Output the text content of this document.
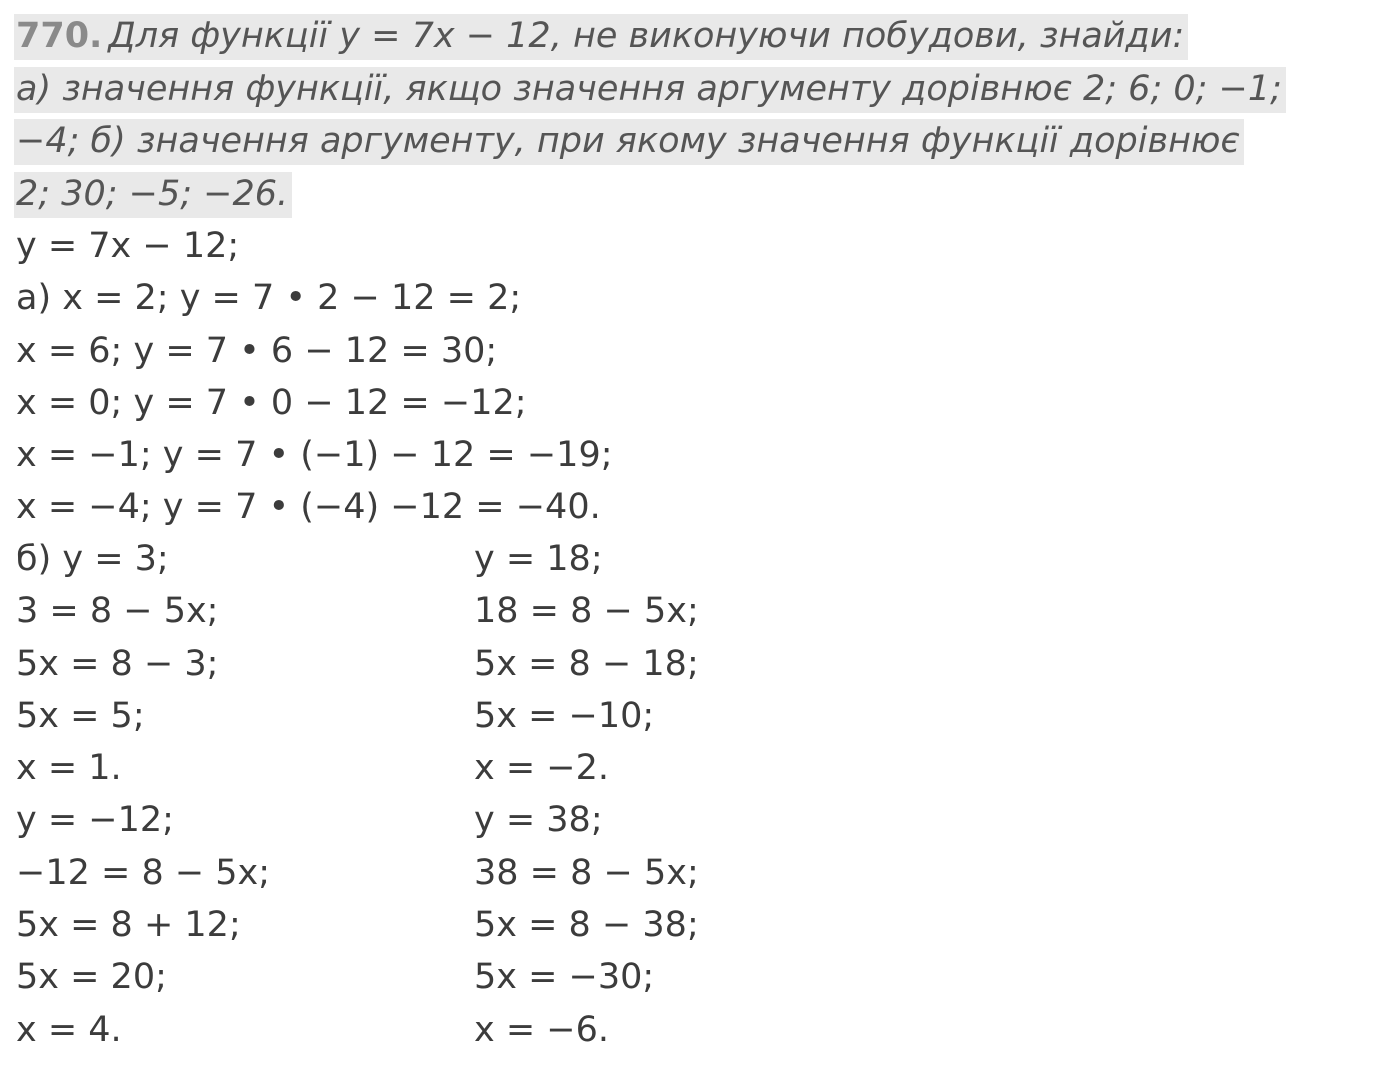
770. Для функції y = 7x − 12, не виконуючи побудови, знайди:
а) значення функції, якщо значення аргументу дорівнює 2; 6; 0; −1;
−4; б) значення аргументу, при якому значення функції дорівнює
2; 30; −5; −26.
y = 7x − 12;
а) x = 2; y = 7 • 2 − 12 = 2;
x = 6; y = 7 • 6 − 12 = 30;
x = 0; y = 7 • 0 − 12 = −12;
x = −1; y = 7 • (−1) − 12 = −19;
x = −4; y = 7 • (−4) −12 = −40.
б) y = 3;	y = 18;
3 = 8 − 5x;	18 = 8 − 5x;
5x = 8 − 3;	5x = 8 − 18;
5x = 5;	5x = −10;
x = 1.	x = −2.
y = −12;	y = 38;
−12 = 8 − 5x;	38 = 8 − 5x;
5x = 8 + 12;	5x = 8 − 38;
5x = 20;	5x = −30;
x = 4.	x = −6.
